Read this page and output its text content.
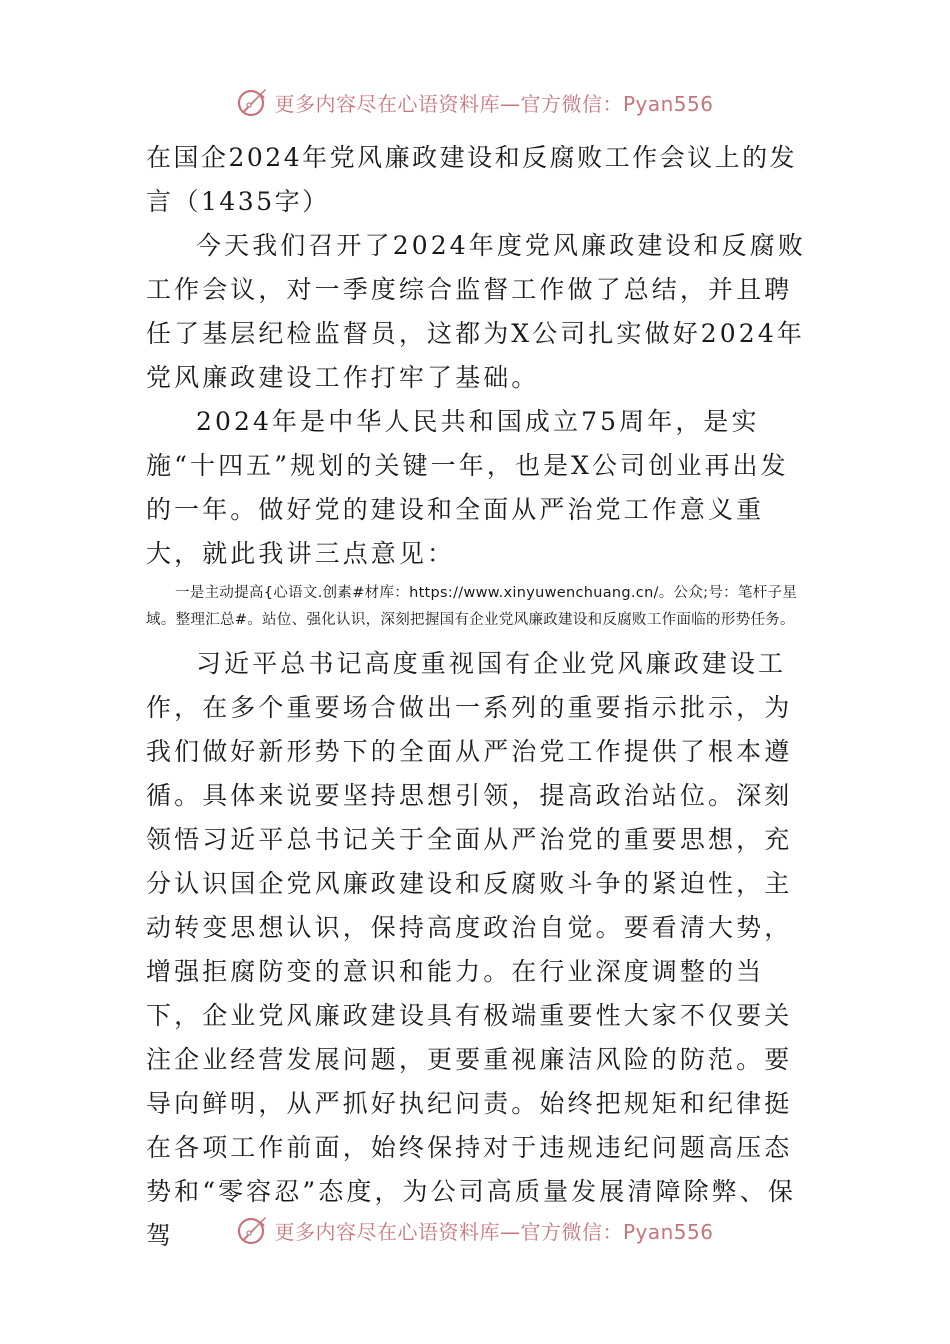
更多内容尽在心语资料库—官方微信：Pyan556

在国企2024年党风廉政建设和反腐败工作会议上的发言（1435字）

今天我们召开了2024年度党风廉政建设和反腐败工作会议，对一季度综合监督工作做了总结，并且聘任了基层纪检监督员，这都为X公司扎实做好2024年党风廉政建设工作打牢了基础。

2024年是中华人民共和国成立75周年，是实施“十四五”规划的关键一年，也是X公司创业再出发的一年。做好党的建设和全面从严治党工作意义重大，就此我讲三点意见：

一是主动提高{心语文.创素#材库：https://www.xinyuwenchuang.cn/。公众;号：笔杆子星域。整理汇总#。站位、强化认识，深刻把握国有企业党风廉政建设和反腐败工作面临的形势任务。

习近平总书记高度重视国有企业党风廉政建设工作，在多个重要场合做出一系列的重要指示批示，为我们做好新形势下的全面从严治党工作提供了根本遵循。具体来说要坚持思想引领，提高政治站位。深刻领悟习近平总书记关于全面从严治党的重要思想，充分认识国企党风廉政建设和反腐败斗争的紧迫性，主动转变思想认识，保持高度政治自觉。要看清大势，增强拒腐防变的意识和能力。在行业深度调整的当下，企业党风廉政建设具有极端重要性大家不仅要关注企业经营发展问题，更要重视廉洁风险的防范。要导向鲜明，从严抓好执纪问责。始终把规矩和纪律挺在各项工作前面，始终保持对于违规违纪问题高压态势和“零容忍”态度，为公司高质量发展清障除弊、保驾	更多内容尽在心语资料库—官方微信：Pyan556
